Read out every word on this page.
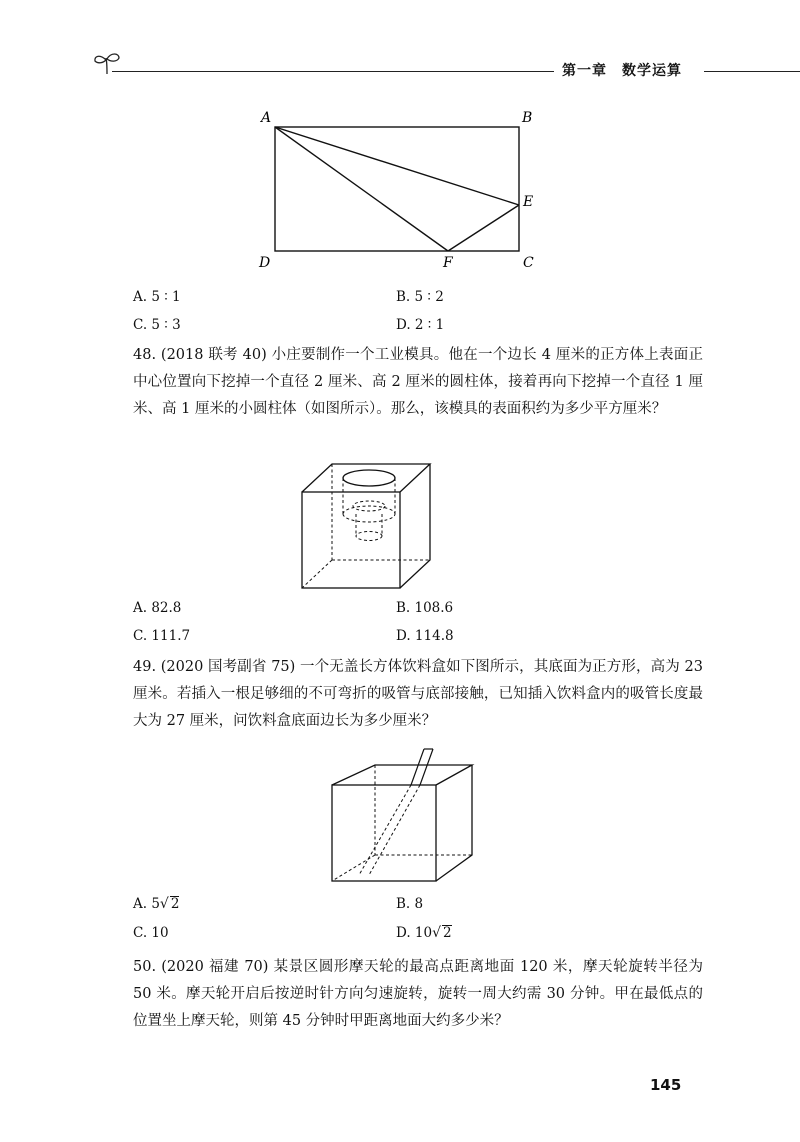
第一章　数学运算
A	B
E
D	F	C
A. 5 ∶ 1	B. 5 ∶ 2
C. 5 ∶ 3	D. 2 ∶ 1

48. (2018 联考 40) 小庄要制作一个工业模具。他在一个边长 4 厘米的正方体上表面正中心位置向下挖掉一个直径 2 厘米、高 2 厘米的圆柱体，接着再向下挖掉一个直径 1 厘米、高 1 厘米的小圆柱体（如图所示）。那么，该模具的表面积约为多少平方厘米？

A. 82.8	B. 108.6
C. 111.7	D. 114.8

49. (2020 国考副省 75) 一个无盖长方体饮料盒如下图所示，其底面为正方形，高为 23 厘米。若插入一根足够细的不可弯折的吸管与底部接触，已知插入饮料盒内的吸管长度最大为 27 厘米，问饮料盒底面边长为多少厘米？

A. 5√ 2	B. 8
C. 10	D. 10√ 2

50. (2020 福建 70) 某景区圆形摩天轮的最高点距离地面 120 米，摩天轮旋转半径为 50 米。摩天轮开启后按逆时针方向匀速旋转，旋转一周大约需 30 分钟。甲在最低点的位置坐上摩天轮，则第 45 分钟时甲距离地面大约多少米？

145
